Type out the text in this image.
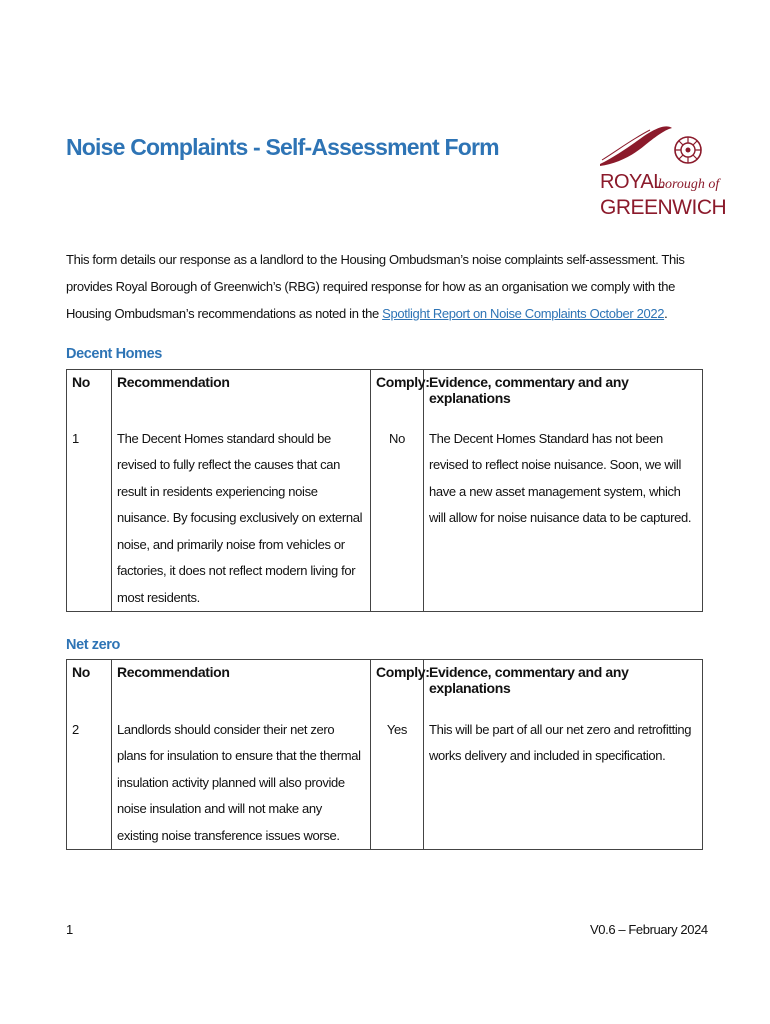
Noise Complaints - Self-Assessment Form
ROYAL
borough of
GREENWICH
This form details our response as a landlord to the Housing Ombudsman’s noise complaints self-assessment. This provides Royal Borough of Greenwich’s (RBG) required response for how as an organisation we comply with the Housing Ombudsman’s recommendations as noted in the Spotlight Report on Noise Complaints October 2022.
Decent Homes
No	Recommendation	Comply:	Evidence, commentary and any explanations
1	The Decent Homes standard should be revised to fully reflect the causes that can result in residents experiencing noise nuisance. By focusing exclusively on external noise, and primarily noise from vehicles or factories, it does not reflect modern living for most residents.	No	The Decent Homes Standard has not been revised to reflect noise nuisance. Soon, we will have a new asset management system, which will allow for noise nuisance data to be captured.
Net zero
No	Recommendation	Comply:	Evidence, commentary and any explanations
2	Landlords should consider their net zero plans for insulation to ensure that the thermal insulation activity planned will also provide noise insulation and will not make any existing noise transference issues worse.	Yes	This will be part of all our net zero and retrofitting works delivery and included in specification.
1	V0.6 – February 2024
